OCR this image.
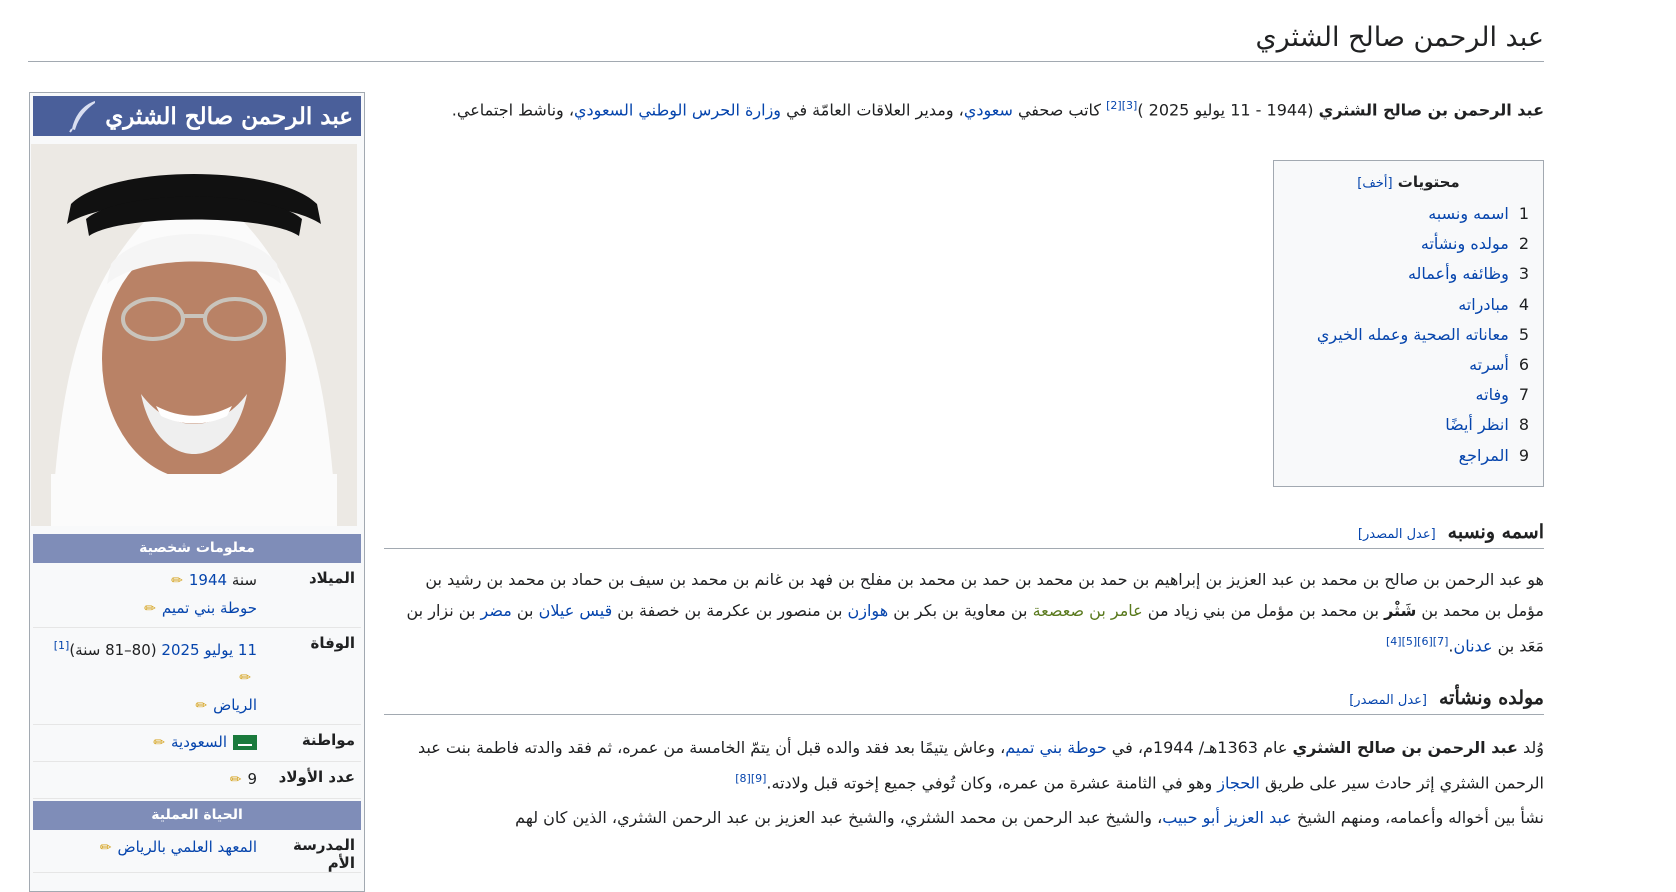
عبد الرحمن صالح الشثري
عبد الرحمن صالح الشثري
معلومات شخصية
الميلاد
سنة 1944✏
حوطة بني تميم✏
الوفاة
11 يوليو 2025 (80–81 سنة)[1]
✏
الرياض✏
مواطنة
السعودية✏
عدد الأولاد
9✏
الحياة العملية
المدرسة الأم
المعهد العلمي بالرياض✏

عبد الرحمن بن صالح الشثري (1944 - 11 يوليو 2025 )[3][2] كاتب صحفي سعودي، ومدير العلاقات العامّة في وزارة الحرس الوطني السعودي، وناشط اجتماعي.

محتويات [أخف]
1اسمه ونسبه
2مولده ونشأته
3وظائفه وأعماله
4مبادراته
5معاناته الصحية وعمله الخيري
6أسرته
7وفاته
8انظر أيضًا
9المراجع
اسمه ونسبه[عدل المصدر]

هو عبد الرحمن بن صالح بن محمد بن عبد العزيز بن إبراهيم بن حمد بن محمد بن حمد بن محمد بن مفلح بن فهد بن غانم بن محمد بن سيف بن حماد بن محمد بن رشيد بن مؤمل بن محمد بن شَثْر بن محمد بن مؤمل من بني زياد من عامر بن صعصعة بن معاوية بن بكر بن هوازن بن منصور بن عكرمة بن خصفة بن قيس عيلان بن مضر بن نزار بن مَعَد بن عدنان.[7][6][5][4]

مولده ونشأته[عدل المصدر]

وُلد عبد الرحمن بن صالح الشثري عام 1363هـ/ 1944م، في حوطة بني تميم، وعاش يتيمًا بعد فقد والده قبل أن يتمّ الخامسة من عمره، ثم فقد والدته فاطمة بنت عبد الرحمن الشثري إثر حادث سير على طريق الحجاز وهو في الثامنة عشرة من عمره، وكان تُوفي جميع إخوته قبل ولادته.[9][8]

نشأ بين أخواله وأعمامه، ومنهم الشيخ عبد العزيز أبو حبيب، والشيخ عبد الرحمن بن محمد الشثري، والشيخ عبد العزيز بن عبد الرحمن الشثري، الذين كان لهم
